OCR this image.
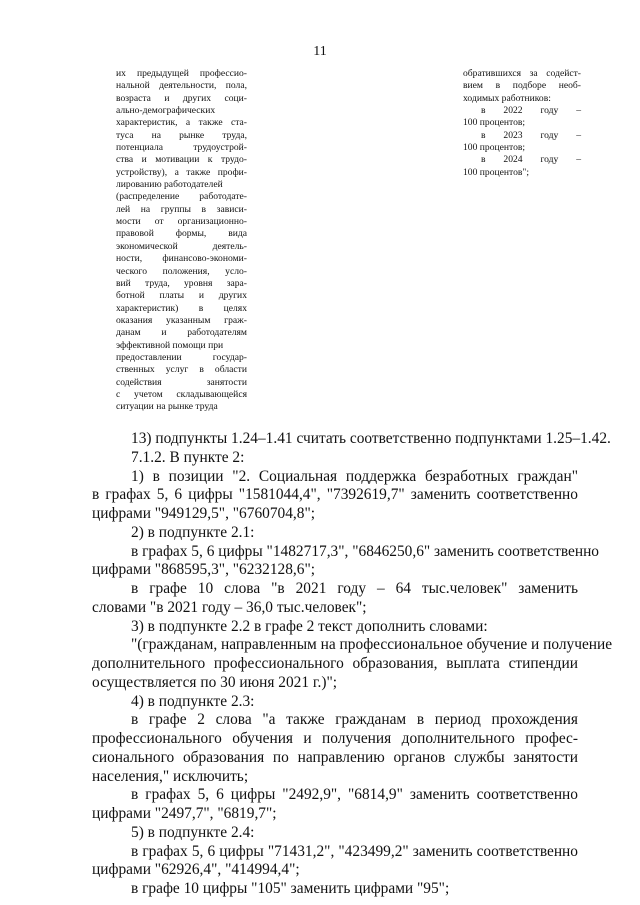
11
их предыдущей профессио-
нальной деятельности, пола,
возраста и других соци-
ально-демографических
характеристик, а также ста-
туса на рынке труда,
потенциала трудоустрой-
ства и мотивации к трудо-
устройству), а также профи-
лированию работодателей
(распределение работодате-
лей на группы в зависи-
мости от организационно-
правовой формы, вида
экономической деятель-
ности, финансово-экономи-
ческого положения, усло-
вий труда, уровня зара-
ботной платы и других
характеристик) в целях
оказания указанным граж-
данам и работодателям
эффективной помощи при
предоставлении государ-
ственных услуг в области
содействия занятости
с учетом складывающейся
ситуации на рынке труда
обратившихся за содейст-
вием в подборе необ-
ходимых работников:
в 2022 году –
100 процентов;
в 2023 году –
100 процентов;
в 2024 году –
100 процентов";
13) подпункты 1.24–1.41 считать соответственно подпунктами 1.25–1.42.
7.1.2. В пункте 2:
1) в позиции "2. Социальная поддержка безработных граждан"
в графах 5, 6 цифры "1581044,4", "7392619,7" заменить соответственно
цифрами "949129,5", "6760704,8";
2) в подпункте 2.1:
в графах 5, 6 цифры "1482717,3", "6846250,6" заменить соответственно
цифрами "868595,3", "6232128,6";
в графе 10 слова "в 2021 году – 64 тыс.человек" заменить
словами "в 2021 году – 36,0 тыс.человек";
3) в подпункте 2.2 в графе 2 текст дополнить словами:
"(гражданам, направленным на профессиональное обучение и получение
дополнительного профессионального образования, выплата стипендии
осуществляется по 30 июня 2021 г.)";
4) в подпункте 2.3:
в графе 2 слова "а также гражданам в период прохождения
профессионального обучения и получения дополнительного профес-
сионального образования по направлению органов службы занятости
населения," исключить;
в графах 5, 6 цифры "2492,9", "6814,9" заменить соответственно
цифрами "2497,7", "6819,7";
5) в подпункте 2.4:
в графах 5, 6 цифры "71431,2", "423499,2" заменить соответственно
цифрами "62926,4", "414994,4";
в графе 10 цифры "105" заменить цифрами "95";
